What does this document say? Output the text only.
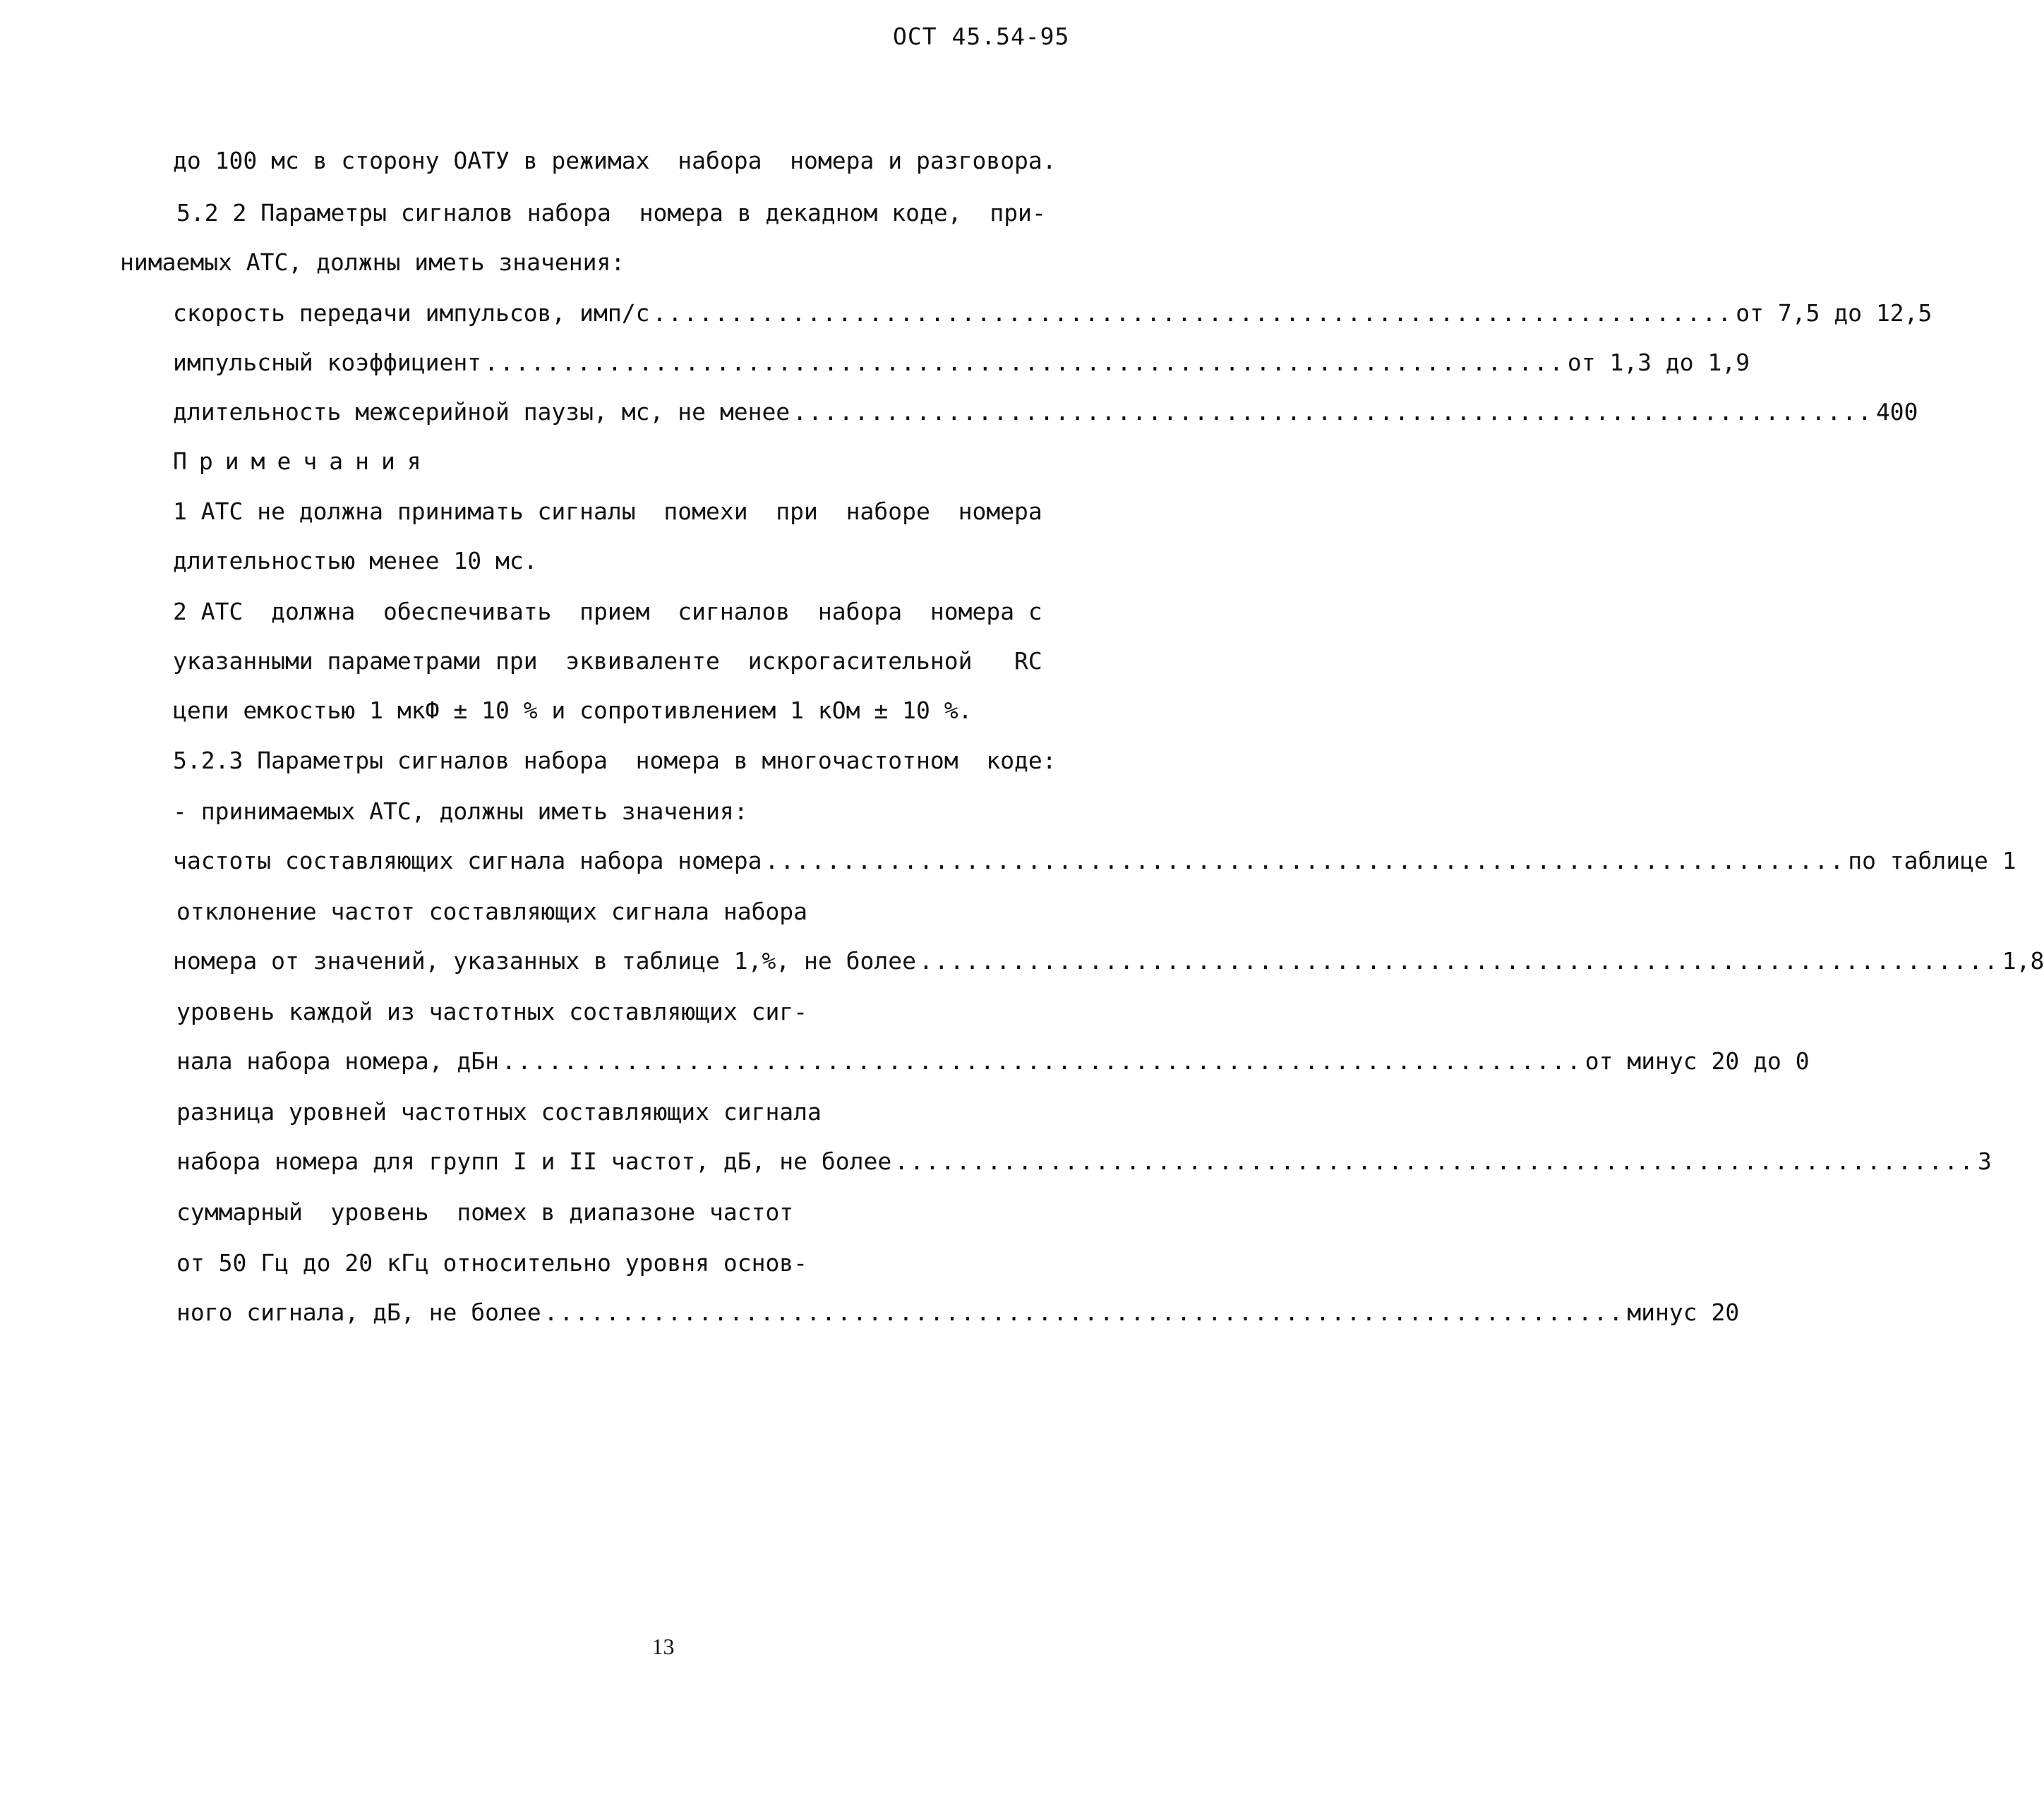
ОСТ 45.54-95
до 100 мс в сторону ОАТУ в режимах  набора  номера и разговора.
5.2 2 Параметры сигналов набора  номера в декадном коде,  при-
нимаемых АТС, должны иметь значения:
скорость передачи импульсов, имп/с ...................................................................... от 7,5 до 12,5
импульсный коэффициент ...................................................................... от 1,3 до 1,9
длительность межсерийной паузы, мс, не менее ...................................................................... 400
Примечания
1 АТС не должна принимать сигналы  помехи  при  наборе  номера
длительностью менее 10 мс.
2 АТС  должна  обеспечивать  прием  сигналов  набора  номера с
указанными параметрами при  эквиваленте  искрогасительной   RC
цепи емкостью 1 мкФ ± 10 % и сопротивлением 1 кОм ± 10 %.
5.2.3 Параметры сигналов набора  номера в многочастотном  коде:
- принимаемых АТС, должны иметь значения:
частоты составляющих сигнала набора номера ...................................................................... по таблице 1
отклонение частот составляющих сигнала набора
номера от значений, указанных в таблице 1,%, не более ...................................................................... 1,8
уровень каждой из частотных составляющих сиг-
нала набора номера, дБн ...................................................................... от минус 20 до 0
разница уровней частотных составляющих сигнала
набора номера для групп I и II частот, дБ, не более ...................................................................... 3
суммарный  уровень  помех в диапазоне частот
от 50 Гц до 20 кГц относительно уровня основ-
ного сигнала, дБ, не более ...................................................................... минус 20
13
